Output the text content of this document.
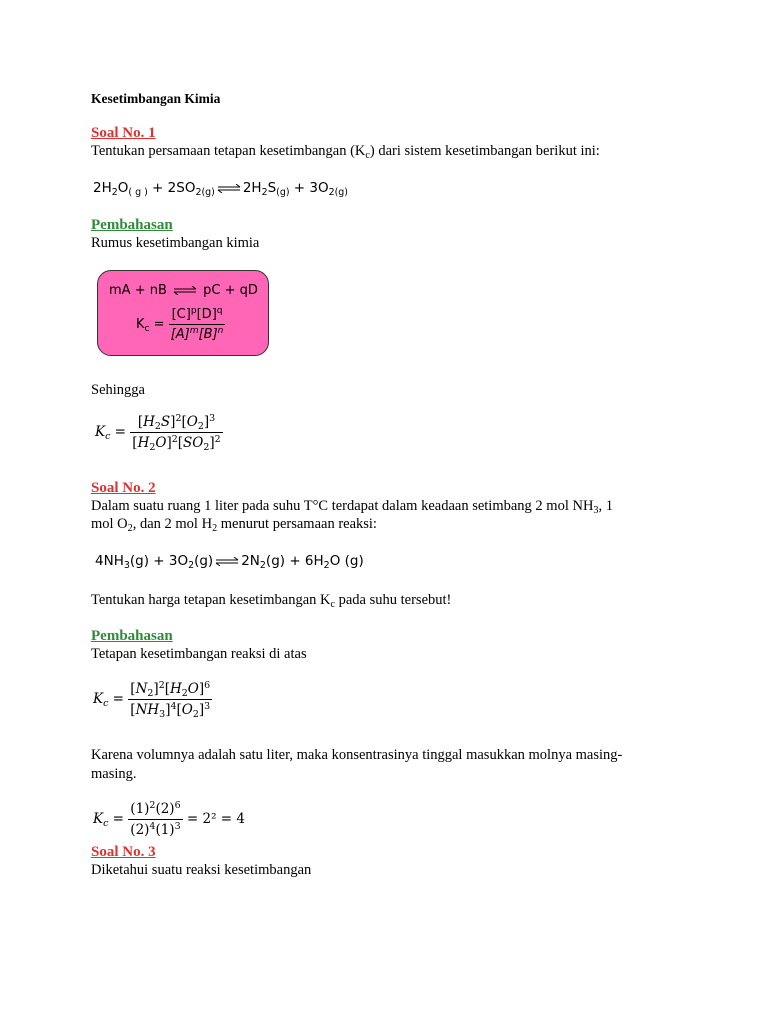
Kesetimbangan Kimia
Soal No. 1
Tentukan persamaan tetapan kesetimbangan $(K_c)$ dari sistem kesetimbangan berikut ini:
$2H_2O_{( g )} + 2SO_{2(g)}$ ⇌ $2H_2S_{(g)} + 3O_{2(g)}$
Pembahasan
Rumus kesetimbangan kimia
mA + nB ⇌ pC + qD
$K_c = \frac{[C]^p[D]^q}{[A]^m[B]^n}$
Sehingga
$K_c = \frac{[H_2S]^2[O_2]^3}{[H_2O]^2[SO_2]^2}$
Soal No. 2
Dalam suatu ruang 1 liter pada suhu T°C terdapat dalam keadaan setimbang 2 mol $NH_3$, 1
mol $O_2$, dan 2 mol $H_2$ menurut persamaan reaksi:
$4NH_3(g) + 3O_2(g)$ ⇌ $2N_2(g) + 6H_2O$ (g)
Tentukan harga tetapan kesetimbangan $K_c$ pada suhu tersebut!
Pembahasan
Tetapan kesetimbangan reaksi di atas
$K_c = \frac{[N_2]^2[H_2O]^6}{[NH_3]^4[O_2]^3}$
Karena volumnya adalah satu liter, maka konsentrasinya tinggal masukkan molnya masing-masing.
$K_c = \frac{(1)^2(2)^6}{(2)^4(1)^3} = 2^2 = 4$
Soal No. 3
Diketahui suatu reaksi kesetimbangan
